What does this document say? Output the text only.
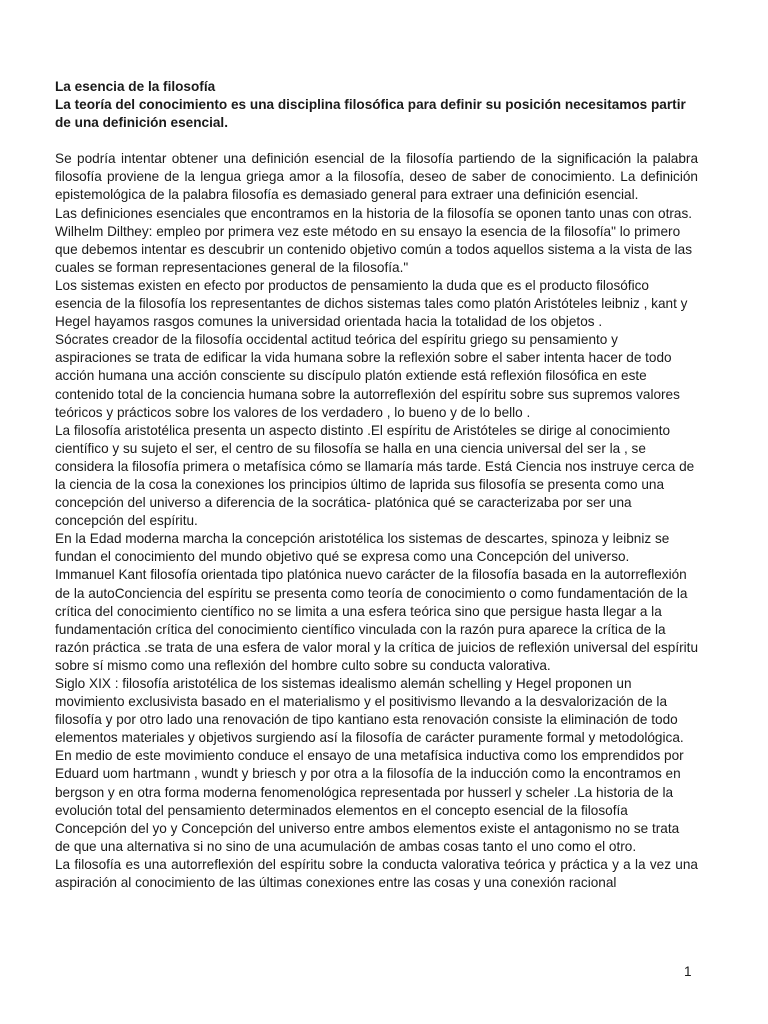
La esencia de la filosofía

La teoría del conocimiento es una disciplina filosófica para definir su posición necesitamos partir de una definición esencial.

Se podría intentar obtener una definición esencial de la filosofía partiendo de la significación la palabra filosofía proviene de la lengua griega amor a la filosofía, deseo de saber de conocimiento. La definición epistemológica de la palabra filosofía es demasiado general para extraer una definición esencial.

Las definiciones esenciales que encontramos en la historia de la filosofía se oponen tanto unas con otras.

Wilhelm Dilthey: empleo por primera vez este método en su ensayo la esencia de la filosofía" lo primero que debemos intentar es descubrir un contenido objetivo común a todos aquellos sistema a la vista de las cuales se forman representaciones general de la filosofía."

Los sistemas existen en efecto por productos de pensamiento la duda que es el producto filosófico esencia de la filosofía los representantes de dichos sistemas tales como platón Aristóteles leibniz , kant y Hegel hayamos rasgos comunes la universidad orientada hacia la totalidad de los objetos .

Sócrates creador de la filosofía occidental actitud teórica del espíritu griego su pensamiento y aspiraciones se trata de edificar la vida humana sobre la reflexión sobre el saber intenta hacer de todo acción humana una acción consciente su discípulo platón extiende está reflexión filosófica en este contenido total de la conciencia humana sobre la autorreflexión del espíritu sobre sus supremos valores teóricos y prácticos sobre los valores de los verdadero , lo bueno y de lo bello .

La filosofía aristotélica presenta un aspecto distinto .El espíritu de Aristóteles se dirige al conocimiento científico y su sujeto el ser, el centro de su filosofía se halla en una ciencia universal del ser la , se considera la filosofía primera o metafísica cómo se llamaría más tarde. Está Ciencia nos instruye cerca de la ciencia de la cosa la conexiones los principios último de laprida sus filosofía se presenta como una concepción del universo a diferencia de la socrática- platónica qué se caracterizaba por ser una concepción del espíritu.

En la Edad moderna marcha la concepción aristotélica los sistemas de descartes, spinoza y leibniz se fundan el conocimiento del mundo objetivo qué se expresa como una Concepción del universo.

Immanuel Kant filosofía orientada tipo platónica nuevo carácter de la filosofía basada en la autorreflexión de la autoConciencia del espíritu se presenta como teoría de conocimiento o como fundamentación de la crítica del conocimiento científico no se limita a una esfera teórica sino que persigue hasta llegar a la fundamentación crítica del conocimiento científico vinculada con la razón pura aparece la crítica de la razón práctica .se trata de una esfera de valor moral y la crítica de juicios de reflexión universal del espíritu sobre sí mismo como una reflexión del hombre culto sobre su conducta valorativa.

Siglo XIX : filosofía aristotélica de los sistemas idealismo alemán schelling y Hegel proponen un movimiento exclusivista basado en el materialismo y el positivismo llevando a la desvalorización de la filosofía y por otro lado una renovación de tipo kantiano esta renovación consiste la eliminación de todo elementos materiales y objetivos surgiendo así la filosofía de carácter puramente formal y metodológica.

En medio de este movimiento conduce el ensayo de una metafísica inductiva como los emprendidos por Eduard uom hartmann , wundt y briesch y por otra a la filosofía de la inducción como la encontramos en bergson y en otra forma moderna fenomenológica representada por husserl y scheler .La historia de la evolución total del pensamiento determinados elementos en el concepto esencial de la filosofía Concepción del yo y Concepción del universo entre ambos elementos existe el antagonismo no se trata de que una alternativa si no sino de una acumulación de ambas cosas tanto el uno como el otro.

La filosofía es una autorreflexión del espíritu sobre la conducta valorativa teórica y práctica y a la vez una aspiración al conocimiento de las últimas conexiones entre las cosas y una conexión racional

1
